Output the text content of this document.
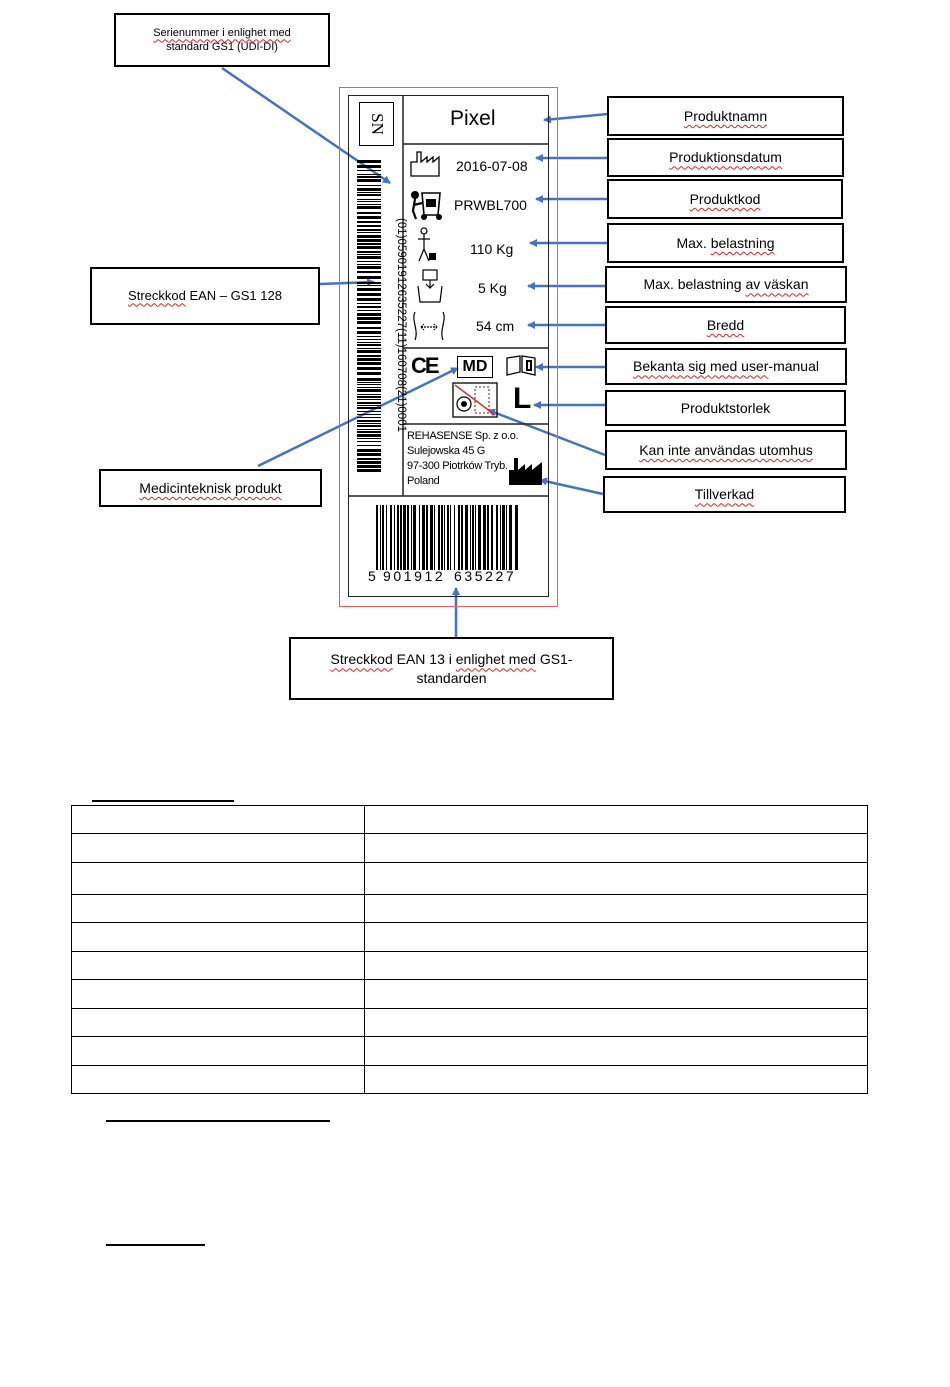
Serienummer i enlighet med
standard GS1 (UDI-DI)
Streckkod EAN – GS1 128
Medicinteknisk produkt
Streckkod EAN 13 i enlighet med GS1-
standarden
Produktnamn
Produktionsdatum
Produktkod
Max. belastning
Max. belastning av väskan
Bredd
Bekanta sig med user-manual
Produktstorlek
Kan inte användas utomhus
Tillverkad
SN
(01)05901912635227(11)160708(21)0001
Pixel
2016-07-08
PRWBL700
110 Kg
5 Kg
54 cm
CE MD
L
REHASENSE Sp. z o.o.
Sulejowska 45 G
97-300 Piotrków Tryb.
Poland
5 901912 635227
